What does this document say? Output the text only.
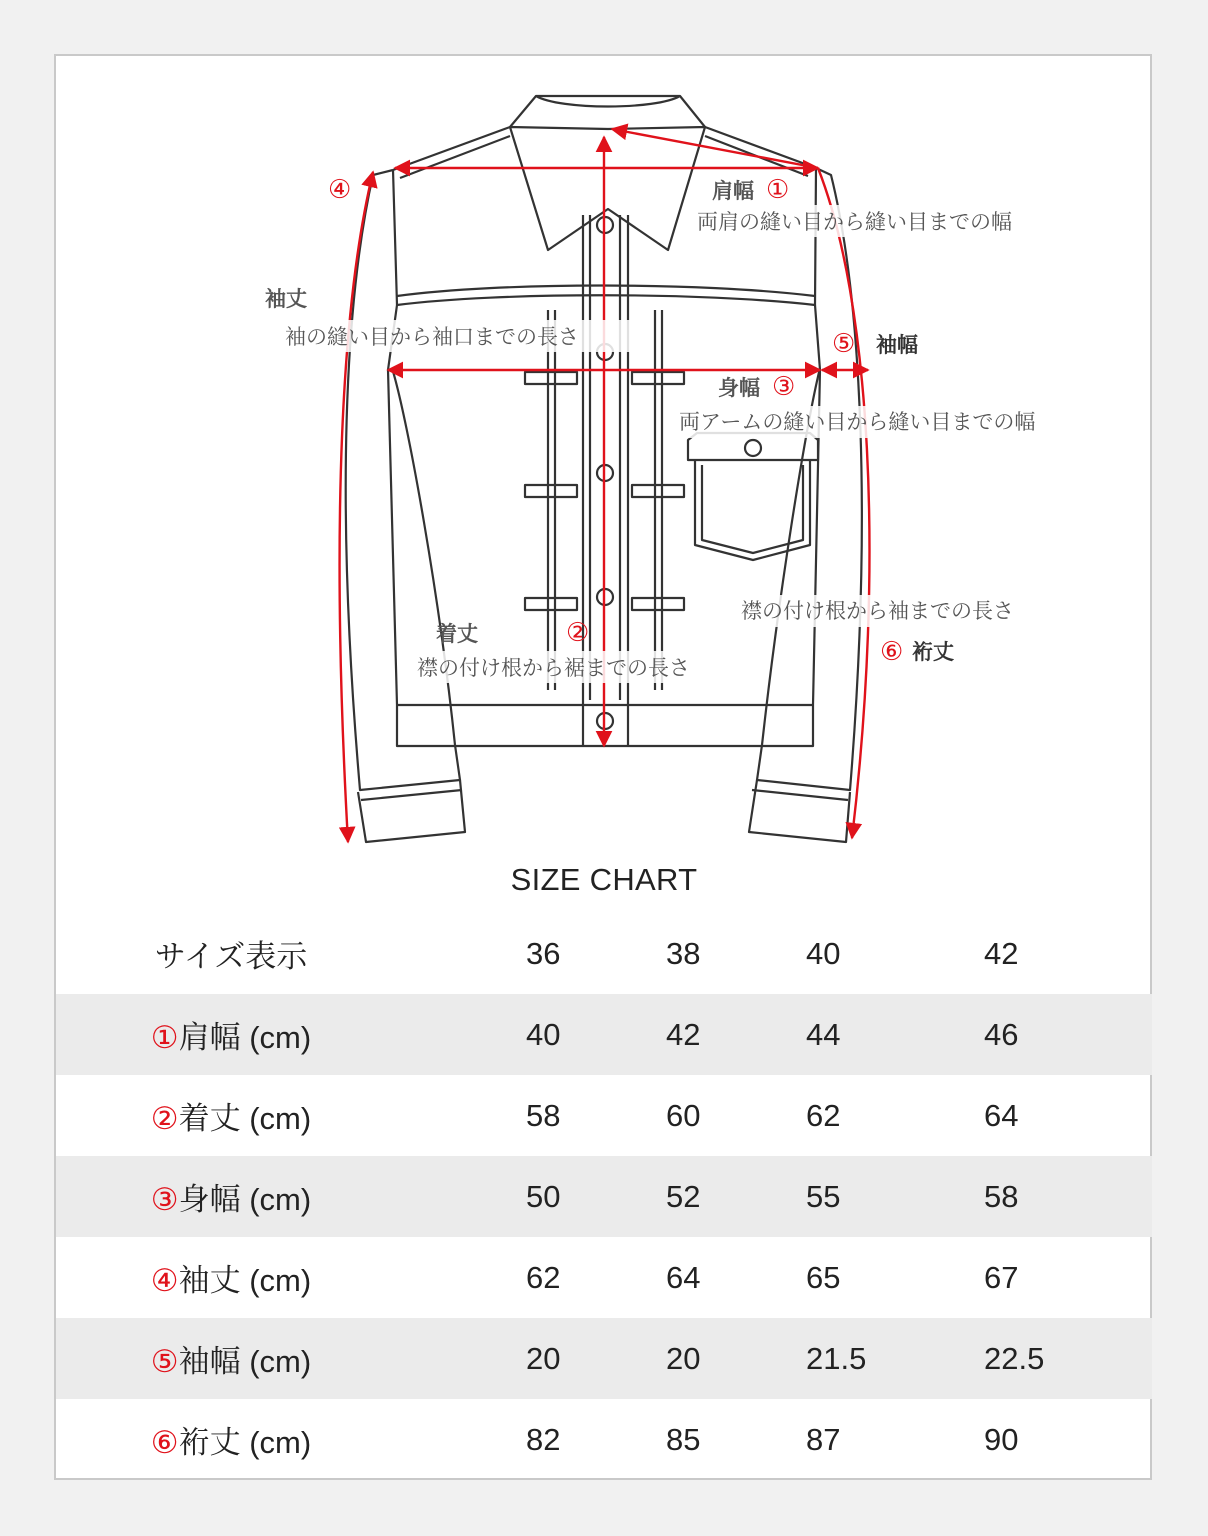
肩幅 ①
両肩の縫い目から縫い目までの幅
④
袖丈
袖の縫い目から袖口までの長さ	⑤ 袖幅
身幅 ③
両アームの縫い目から縫い目までの幅
襟の付け根から袖までの長さ
⑥ 裄丈
着丈	②
襟の付け根から裾までの長さ
SIZE CHART
サイズ表示	36	38	40	42
①肩幅 (cm)	40	42	44	46
②着丈 (cm)	58	60	62	64
③身幅 (cm)	50	52	55	58
④袖丈 (cm)	62	64	65	67
⑤袖幅 (cm)	20	20	21.5	22.5
⑥裄丈 (cm)	82	85	87	90
